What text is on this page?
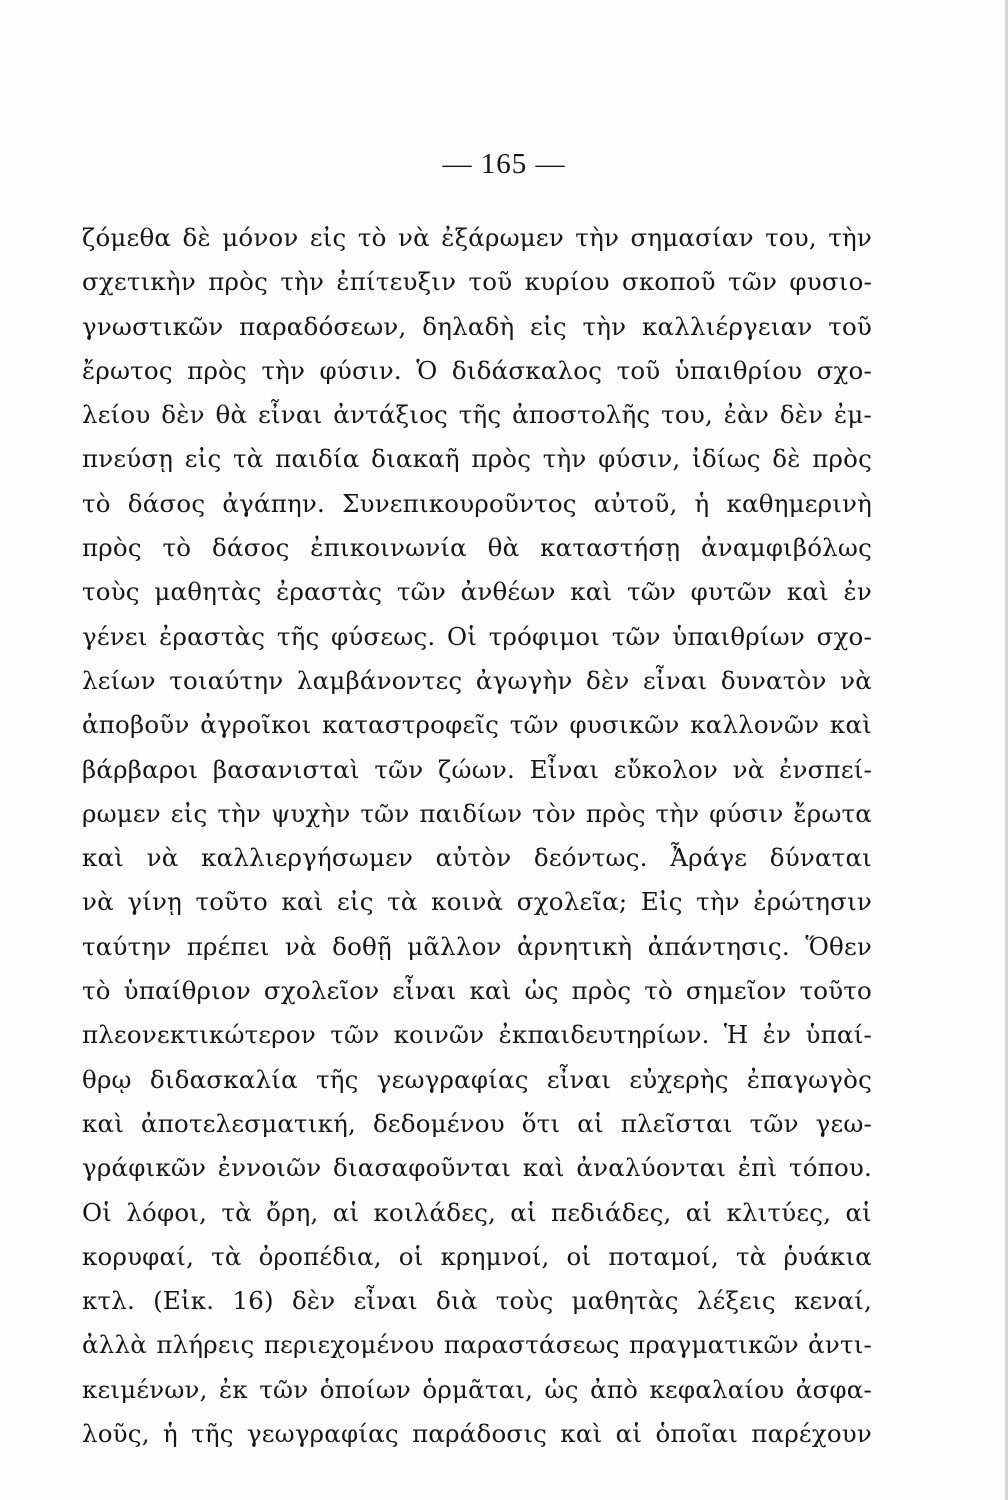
— 165 —
ζόμεθα δὲ μόνον εἰς τὸ νὰ ἐξάρωμεν τὴν σημασίαν του, τὴν
σχετικὴν πρὸς τὴν ἐπίτευξιν τοῦ κυρίου σκοποῦ τῶν φυσιο-
γνωστικῶν παραδόσεων, δηλαδὴ εἰς τὴν καλλιέργειαν τοῦ
ἔρωτος πρὸς τὴν φύσιν. Ὁ διδάσκαλος τοῦ ὑπαιθρίου σχο-
λείου δὲν θὰ εἶναι ἀντάξιος τῆς ἀποστολῆς του, ἐὰν δὲν ἐμ-
πνεύσῃ εἰς τὰ παιδία διακαῆ πρὸς τὴν φύσιν, ἰδίως δὲ πρὸς
τὸ δάσος ἀγάπην. Συνεπικουροῦντος αὐτοῦ, ἡ καθημερινὴ
πρὸς τὸ δάσος ἐπικοινωνία θὰ καταστήσῃ ἀναμφιβόλως
τοὺς μαθητὰς ἐραστὰς τῶν ἀνθέων καὶ τῶν φυτῶν καὶ ἐν
γένει ἐραστὰς τῆς φύσεως. Οἱ τρόφιμοι τῶν ὑπαιθρίων σχο-
λείων τοιαύτην λαμβάνοντες ἀγωγὴν δὲν εἶναι δυνατὸν νὰ
ἀποβοῦν ἀγροῖκοι καταστροφεῖς τῶν φυσικῶν καλλονῶν καὶ
βάρβαροι βασανισταὶ τῶν ζώων. Εἶναι εὔκολον νὰ ἐνσπεί-
ρωμεν εἰς τὴν ψυχὴν τῶν παιδίων τὸν πρὸς τὴν φύσιν ἔρωτα
καὶ νὰ καλλιεργήσωμεν αὐτὸν δεόντως. Ἆράγε δύναται
νὰ γίνῃ τοῦτο καὶ εἰς τὰ κοινὰ σχολεῖα; Εἰς τὴν ἐρώτησιν
ταύτην πρέπει νὰ δοθῇ μᾶλλον ἀρνητικὴ ἀπάντησις. Ὅθεν
τὸ ὑπαίθριον σχολεῖον εἶναι καὶ ὡς πρὸς τὸ σημεῖον τοῦτο
πλεονεκτικώτερον τῶν κοινῶν ἐκπαιδευτηρίων. Ἡ ἐν ὑπαί-
θρῳ διδασκαλία τῆς γεωγραφίας εἶναι εὐχερὴς ἐπαγωγὸς
καὶ ἀποτελεσματική, δεδομένου ὅτι αἱ πλεῖσται τῶν γεω-
γράφικῶν ἐννοιῶν διασαφοῦνται καὶ ἀναλύονται ἐπὶ τόπου.
Οἱ λόφοι, τὰ ὄρη, αἱ κοιλάδες, αἱ πεδιάδες, αἱ κλιτύες, αἱ
κορυφαί, τὰ ὀροπέδια, οἱ κρημνοί, οἱ ποταμοί, τὰ ῥυάκια
κτλ. (Εἰκ. 16) δὲν εἶναι διὰ τοὺς μαθητὰς λέξεις κεναί,
ἀλλὰ πλήρεις περιεχομένου παραστάσεως πραγματικῶν ἀντι-
κειμένων, ἐκ τῶν ὁποίων ὁρμᾶται, ὡς ἀπὸ κεφαλαίου ἀσφα-
λοῦς, ἡ τῆς γεωγραφίας παράδοσις καὶ αἱ ὁποῖαι παρέχουν
